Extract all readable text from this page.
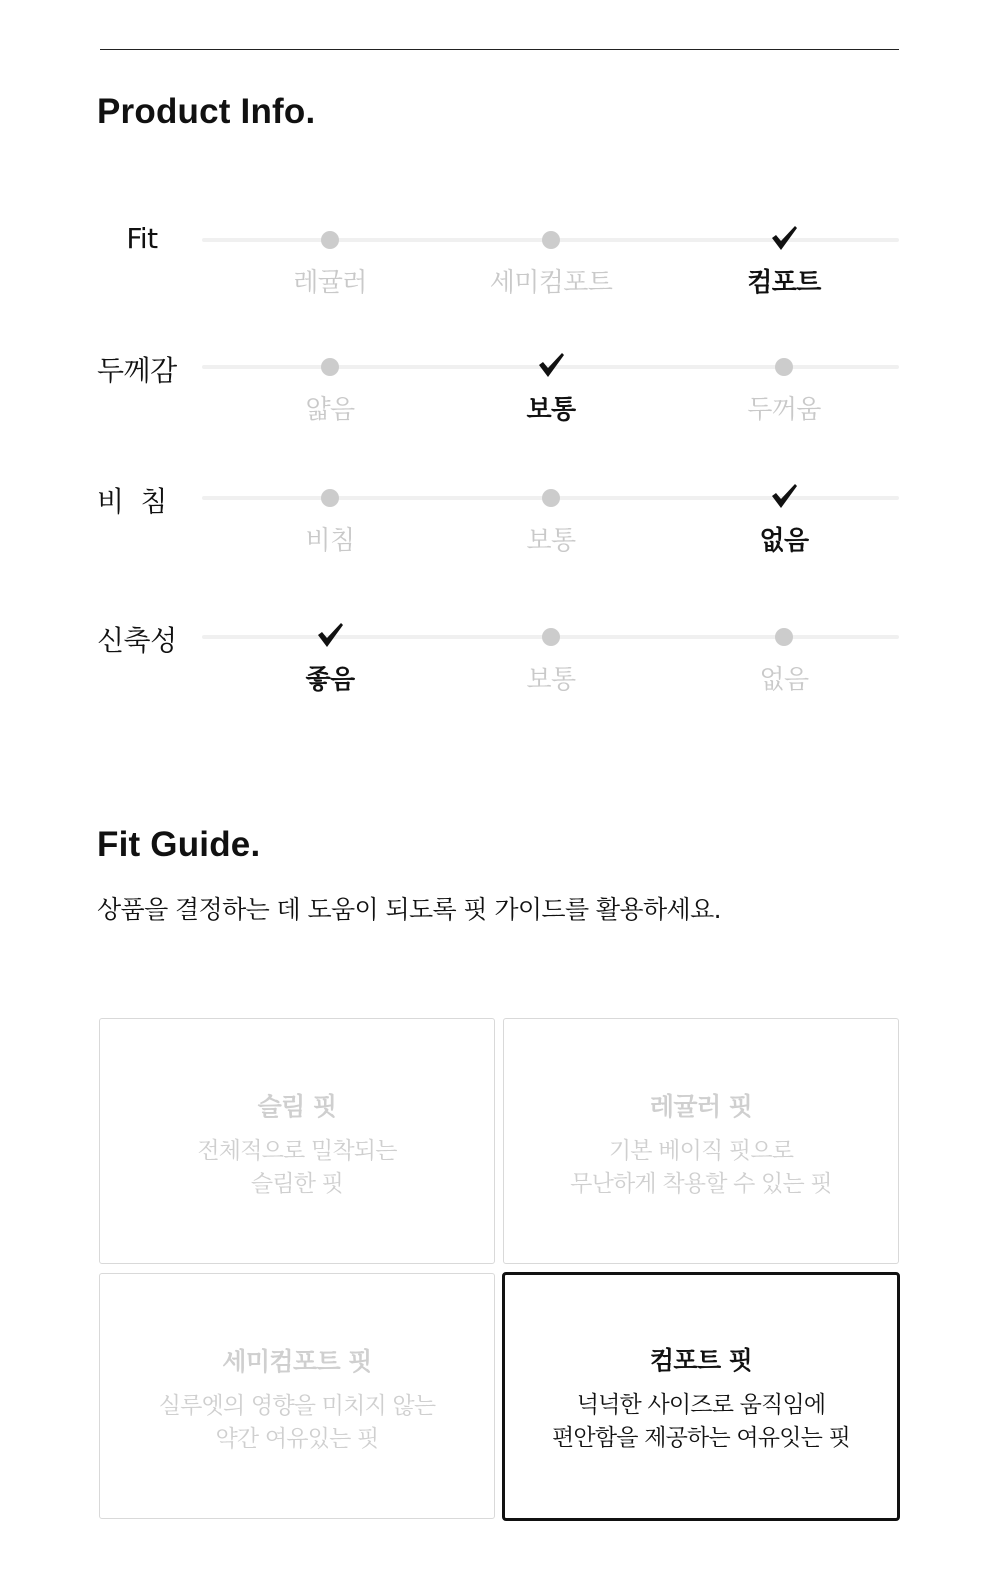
Product Info.
Fit
레귤러	세미컴포트	컴포트
두께감
얇음	보통	두꺼움
비  침
비침	보통	없음
신축성
좋음	보통	없음
Fit Guide.
상품을 결정하는 데 도움이 되도록 핏 가이드를 활용하세요.
슬림 핏
전체적으로 밀착되는
슬림한 핏
레귤러 핏
기본 베이직 핏으로
무난하게 착용할 수 있는 핏
세미컴포트 핏
실루엣의 영향을 미치지 않는
약간 여유있는 핏
컴포트 핏
넉넉한 사이즈로 움직임에
편안함을 제공하는 여유잇는 핏
